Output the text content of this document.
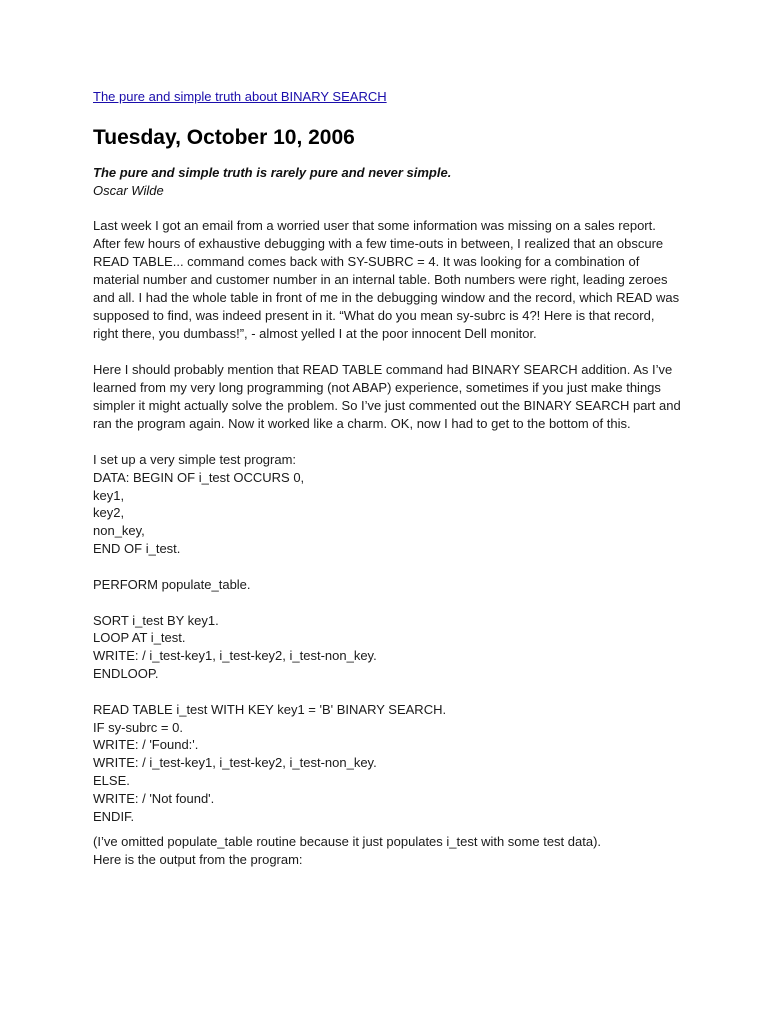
The pure and simple truth about BINARY SEARCH
Tuesday, October 10, 2006
The pure and simple truth is rarely pure and never simple.
Oscar Wilde

Last week I got an email from a worried user that some information was missing on a sales report. After few hours of exhaustive debugging with a few time-outs in between, I realized that an obscure READ TABLE... command comes back with SY-SUBRC = 4. It was looking for a combination of material number and customer number in an internal table. Both numbers were right, leading zeroes and all. I had the whole table in front of me in the debugging window and the record, which READ was supposed to find, was indeed present in it. “What do you mean sy-subrc is 4?! Here is that record, right there, you dumbass!”, - almost yelled I at the poor innocent Dell monitor.

Here I should probably mention that READ TABLE command had BINARY SEARCH addition. As I’ve learned from my very long programming (not ABAP) experience, sometimes if you just make things simpler it might actually solve the problem. So I’ve just commented out the BINARY SEARCH part and ran the program again. Now it worked like a charm. OK, now I had to get to the bottom of this.

I set up a very simple test program:
DATA: BEGIN OF i_test OCCURS 0,
key1,
key2,
non_key,
END OF i_test.
PERFORM populate_table.
SORT i_test BY key1.
LOOP AT i_test.
WRITE: / i_test-key1, i_test-key2, i_test-non_key.
ENDLOOP.
READ TABLE i_test WITH KEY key1 = 'B' BINARY SEARCH.
IF sy-subrc = 0.
WRITE: / 'Found:'.
WRITE: / i_test-key1, i_test-key2, i_test-non_key.
ELSE.
WRITE: / 'Not found'.
ENDIF.
(I’ve omitted populate_table routine because it just populates i_test with some test data).
Here is the output from the program:
